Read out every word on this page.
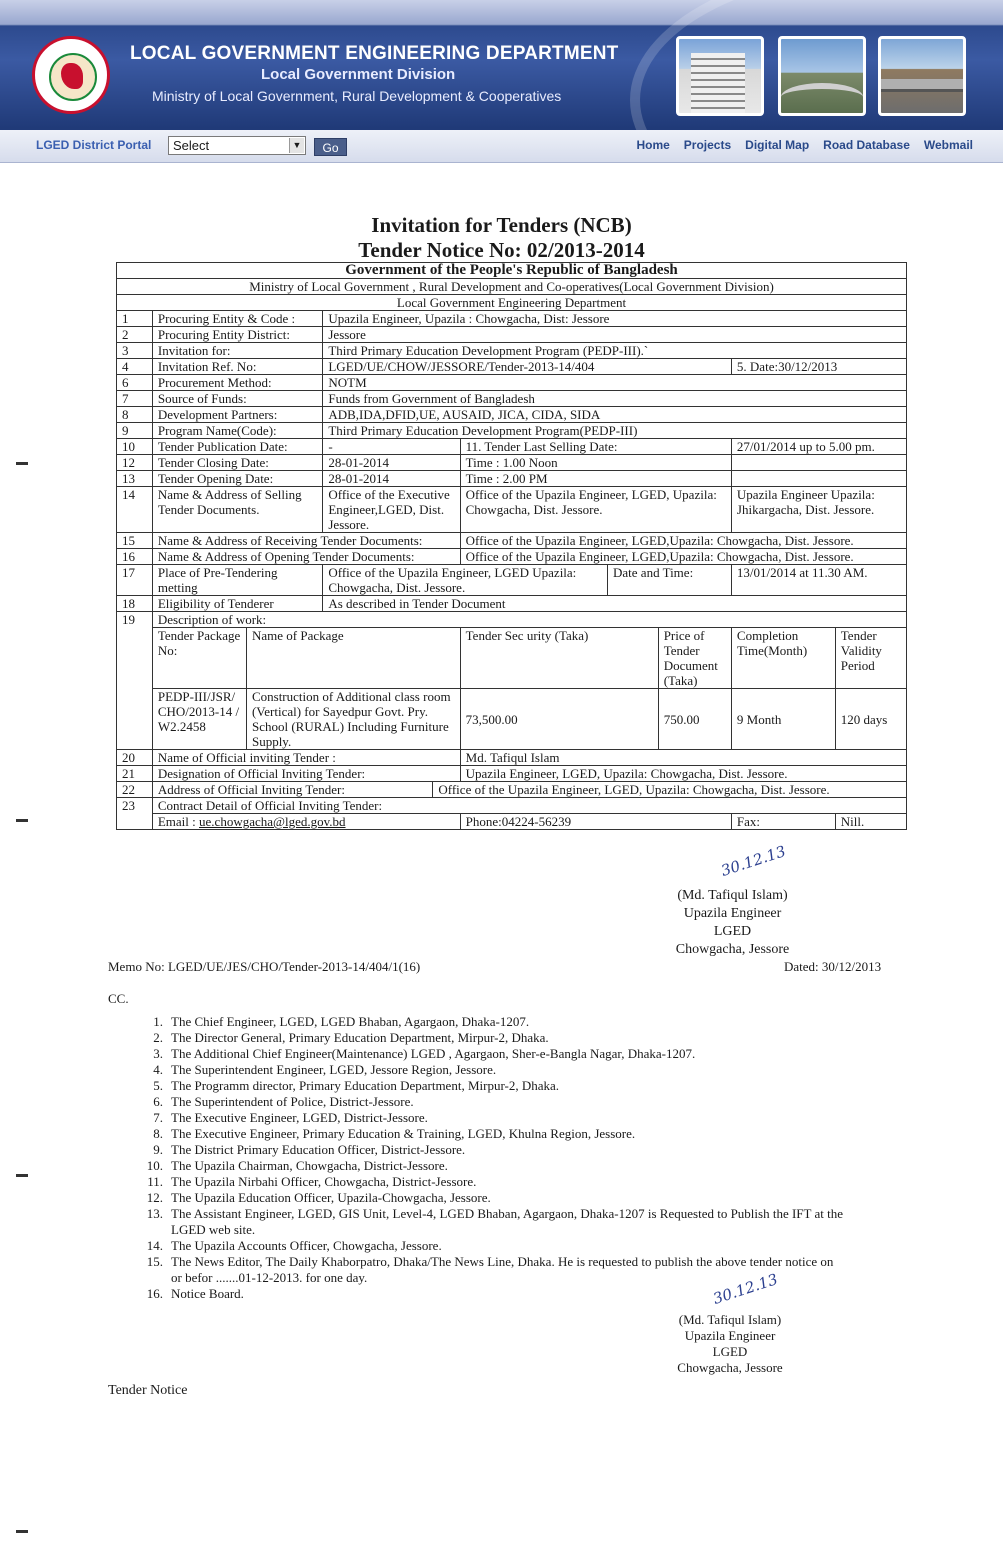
LOCAL GOVERNMENT ENGINEERING DEPARTMENT
Local Government Division
Ministry of Local Government, Rural Development & Cooperatives
LGED District Portal Select	▼	Go	Home Projects Digital Map Road Database Webmail
Invitation for Tenders (NCB)
Tender Notice No: 02/2013-2014
Government of the People's Republic of Bangladesh									
Ministry of Local Government , Rural Development and Co-operatives(Local Government Division)									
Local Government Engineering Department									
1	Procuring Entity & Code :		Upazila Engineer, Upazila : Chowgacha, Dist: Jessore						
2	Procuring Entity District:		Jessore						
3	Invitation for:		Third Primary Education Development Program (PEDP-III).`						
4	Invitation Ref. No:		LGED/UE/CHOW/JESSORE/Tender-2013-14/404					5. Date:30/12/2013	
6	Procurement Method:		NOTM						
7	Source of Funds:		Funds from Government of Bangladesh						
8	Development Partners:		ADB,IDA,DFID,UE, AUSAID, JICA, CIDA, SIDA						
9	Program Name(Code):		Third Primary Education Development Program(PEDP-III)						
10	Tender Publication Date:		-		11. Tender Last Selling Date:			27/01/2014 up to 5.00 pm.	
12	Tender Closing Date:		28-01-2014		Time : 1.00 Noon				
13	Tender Opening Date:		28-01-2014		Time : 2.00 PM				
14	Name & Address of Selling Tender Documents.		Office of the Executive Engineer,LGED, Dist. Jessore.		Office of the Upazila Engineer, LGED, Upazila: Chowgacha, Dist. Jessore.			Upazila Engineer Upazila: Jhikargacha, Dist. Jessore.	
15	Name & Address of Receiving Tender Documents:				Office of the Upazila Engineer, LGED,Upazila: Chowgacha, Dist. Jessore.				
16	Name & Address of Opening Tender Documents:				Office of the Upazila Engineer, LGED,Upazila: Chowgacha, Dist. Jessore.				
17	Place of Pre-Tendering metting		Office of the Upazila Engineer, LGED Upazila: Chowgacha, Dist. Jessore.			Date and Time:		13/01/2014 at 11.30 AM.	
18	Eligibility of Tenderer		As described in Tender Document						
19	Description of work:								
	Tender Package No:	Name of Package			Tender Sec urity (Taka)		Price of Tender Document (Taka)	Completion Time(Month)	Tender Validity Period
	PEDP-III/JSR/ CHO/2013-14 / W2.2458	Construction of Additional class room (Vertical) for Sayedpur Govt. Pry. School (RURAL) Including Furniture Supply.			73,500.00		750.00	9 Month	120 days
20	Name of Official inviting Tender :				Md. Tafiqul Islam				
21	Designation of Official Inviting Tender:				Upazila Engineer, LGED, Upazila: Chowgacha, Dist. Jessore.				
22	Address of Official Inviting Tender:			Office of the Upazila Engineer, LGED, Upazila: Chowgacha, Dist. Jessore.					
23	Contract Detail of Official Inviting Tender:								
	Email : ue.chowgacha@lged.gov.bd				Phone:04224-56239			Fax:	Nill.
30.12.13
(Md. Tafiqul Islam)
Upazila Engineer
LGED
Chowgacha, Jessore
Memo No: LGED/UE/JES/CHO/Tender-2013-14/404/1(16)	Dated: 30/12/2013
CC.
1. The Chief Engineer, LGED, LGED Bhaban, Agargaon, Dhaka-1207.
2. The Director General, Primary Education Department, Mirpur-2, Dhaka.
3. The Additional Chief Engineer(Maintenance) LGED , Agargaon, Sher-e-Bangla Nagar, Dhaka-1207.
4. The Superintendent Engineer, LGED, Jessore Region, Jessore.
5. The Programm director, Primary Education Department, Mirpur-2, Dhaka.
6. The Superintendent of Police, District-Jessore.
7. The Executive Engineer, LGED, District-Jessore.
8. The Executive Engineer, Primary Education & Training, LGED, Khulna Region, Jessore.
9. The District Primary Education Officer, District-Jessore.
10. The Upazila Chairman, Chowgacha, District-Jessore.
11. The Upazila Nirbahi Officer, Chowgacha, District-Jessore.
12. The Upazila Education Officer, Upazila-Chowgacha, Jessore.
13. The Assistant Engineer, LGED, GIS Unit, Level-4, LGED Bhaban, Agargaon, Dhaka-1207 is Requested to Publish the IFT at the
LGED web site.
14. The Upazila Accounts Officer, Chowgacha, Jessore.
15. The News Editor, The Daily Khaborpatro, Dhaka/The News Line, Dhaka. He is requested to publish the above tender notice on
or befor .......01-12-2013. for one day.
16. Notice Board.	30.12.13
(Md. Tafiqul Islam)
Upazila Engineer
LGED
Chowgacha, Jessore
Tender Notice
